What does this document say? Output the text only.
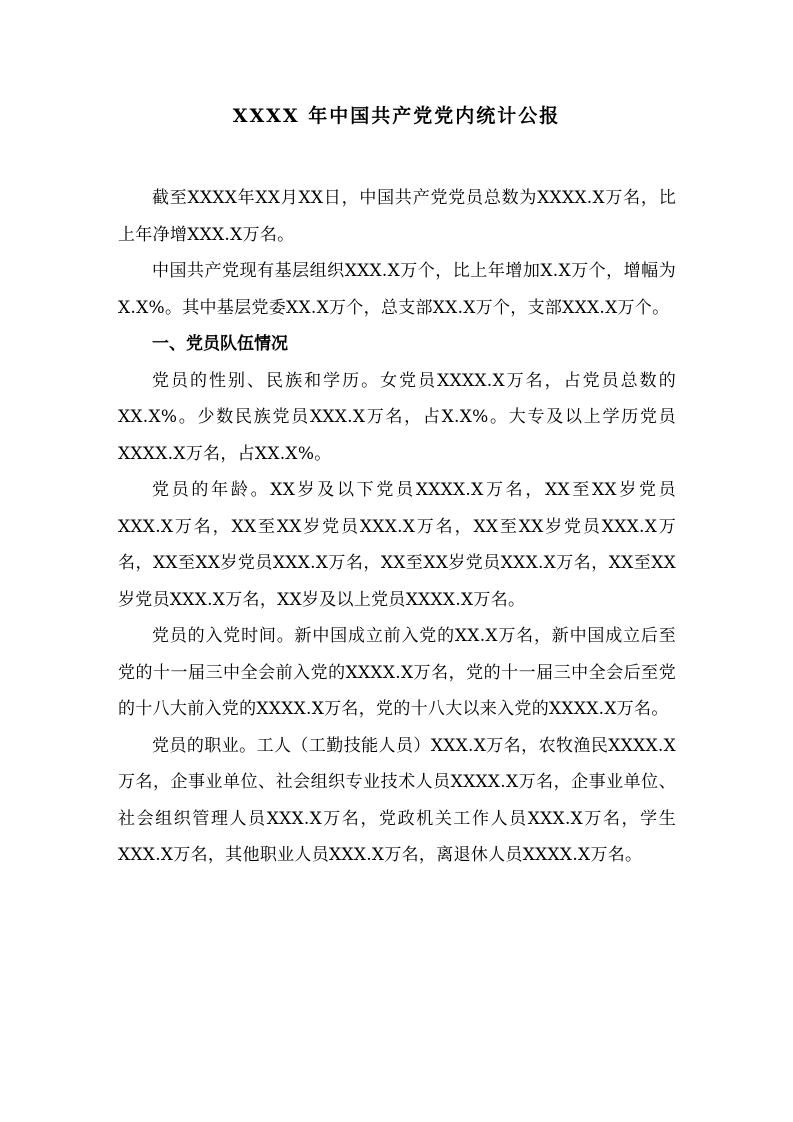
XXXX 年中国共产党党内统计公报

截至XXXX年XX月XX日，中国共产党党员总数为XXXX.X万名，比上年净增XXX.X万名。

中国共产党现有基层组织XXX.X万个，比上年增加X.X万个，增幅为X.X%。其中基层党委XX.X万个，总支部XX.X万个，支部XXX.X万个。

一、党员队伍情况

党员的性别、民族和学历。女党员XXXX.X万名，占党员总数的XX.X%。少数民族党员XXX.X万名，占X.X%。大专及以上学历党员XXXX.X万名，占XX.X%。

党员的年龄。XX岁及以下党员XXXX.X万名，XX至XX岁党员XXX.X万名，XX至XX岁党员XXX.X万名，XX至XX岁党员XXX.X万名，XX至XX岁党员XXX.X万名，XX至XX岁党员XXX.X万名，XX至XX岁党员XXX.X万名，XX岁及以上党员XXXX.X万名。

党员的入党时间。新中国成立前入党的XX.X万名，新中国成立后至党的十一届三中全会前入党的XXXX.X万名，党的十一届三中全会后至党的十八大前入党的XXXX.X万名，党的十八大以来入党的XXXX.X万名。

党员的职业。工人（工勤技能人员）XXX.X万名，农牧渔民XXXX.X万名，企事业单位、社会组织专业技术人员XXXX.X万名，企事业单位、社会组织管理人员XXX.X万名，党政机关工作人员XXX.X万名，学生XXX.X万名，其他职业人员XXX.X万名，离退休人员XXXX.X万名。
